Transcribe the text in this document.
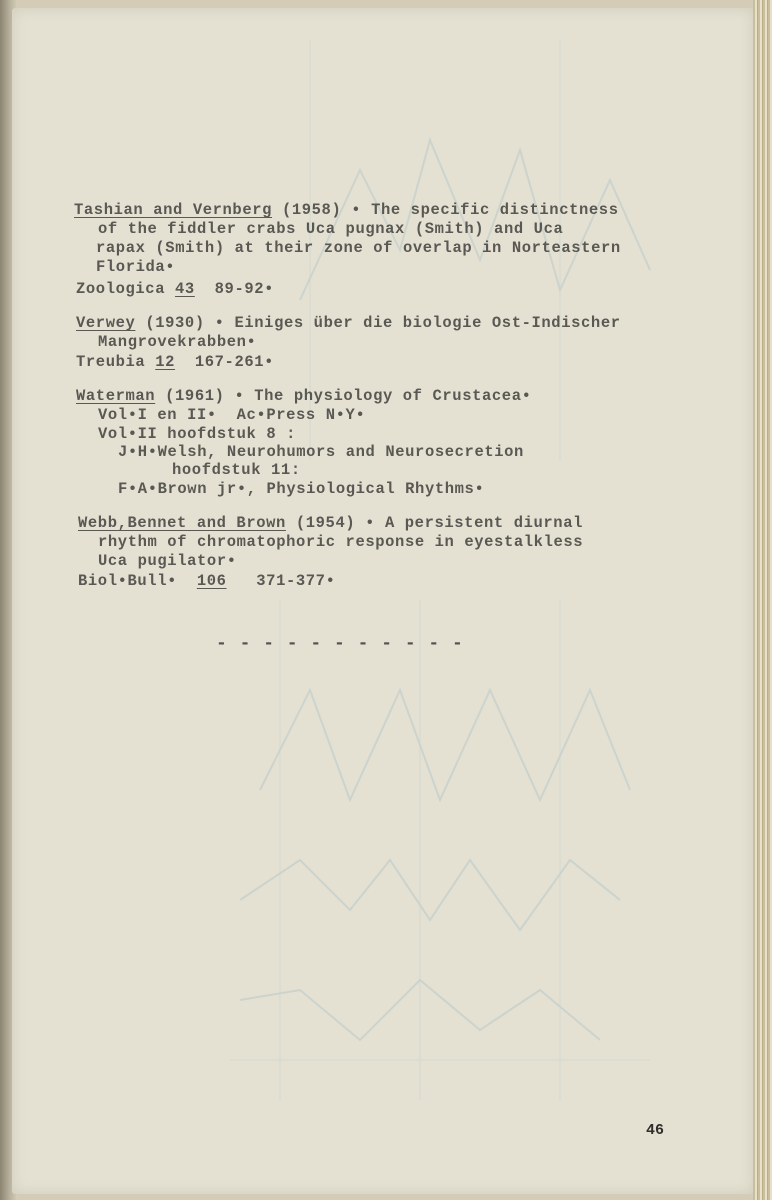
Tashian and Vernberg (1958) • The specific distinctness
of the fiddler crabs Uca pugnax (Smith) and Uca
rapax (Smith) at their zone of overlap in Norteastern
Florida•
Zoologica 43 89-92•
Verwey (1930) • Einiges über die biologie Ost-Indischer
Mangrovekrabben•
Treubia 12 167-261•
Waterman (1961) • The physiology of Crustacea•
Vol•I en II•  Ac•Press N•Y•
Vol•II hoofdstuk 8 :
J•H•Welsh, Neurohumors and Neurosecretion
hoofdstuk 11:
F•A•Brown jr•, Physiological Rhythms•
Webb,Bennet and Brown (1954) • A persistent diurnal
rhythm of chromatophoric response in eyestalkless
Uca pugilator•
Biol•Bull• 106 371-377•
- - - - - - - - - - -
46
